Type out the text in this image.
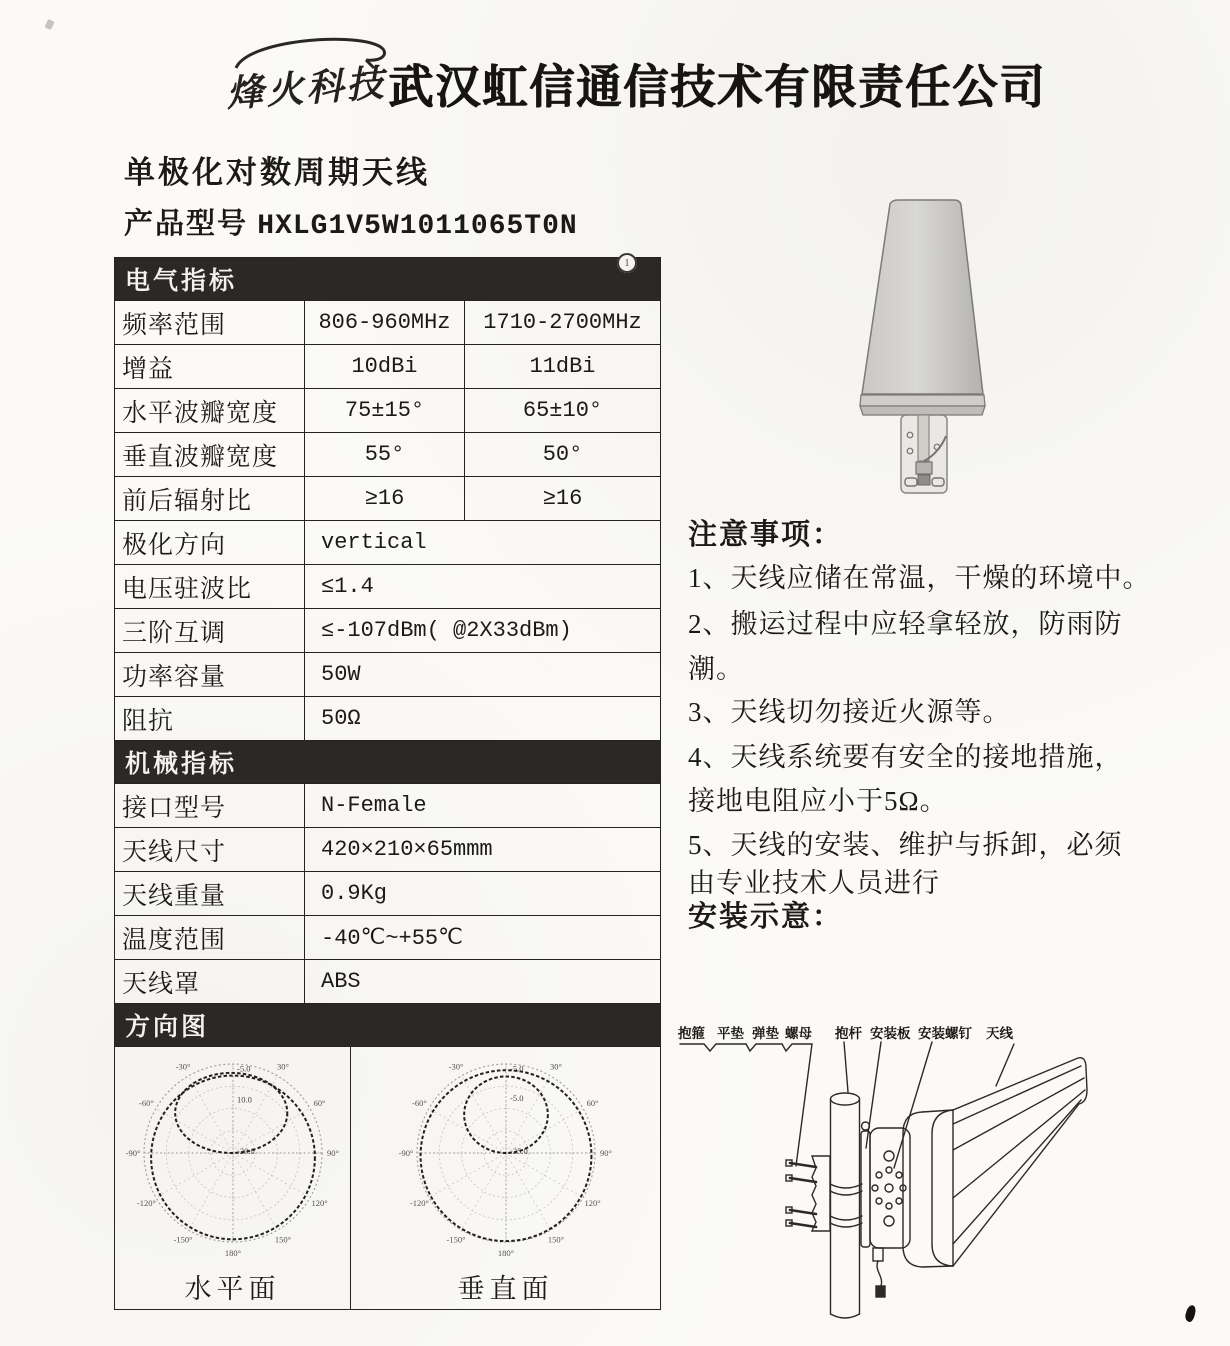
烽火科技 武汉虹信通信技术有限责任公司
单极化对数周期天线
产品型号 HXLG1V5W1011065T0N
电气指标		
频率范围	806-960MHz	1710-2700MHz
增益	10dBi	11dBi
水平波瓣宽度	75±15°	65±10°
垂直波瓣宽度	55°	50°
前后辐射比	≥16	≥16
极化方向	vertical	
电压驻波比	≤1.4	
三阶互调	≤-107dBm( @2X33dBm)	
功率容量	50W	
阻抗	50Ω	
机械指标		
接口型号	N-Female	
天线尺寸	420×210×65mmm	
天线重量	0.9Kg	
温度范围	-40℃~+55℃	
天线罩	ABS	
方向图		

30°
60°
90°
120°
150°
180°
-150°
-120°
-90°
-60°
-30°	-5.0
10.0
-20.0
水平面
30°
60°
90°
120°
150°
180°
-150°
-120°
-90°
-60°
-30°	-5.0
-5.0
-25.0
垂直面
注意事项：
1、天线应储在常温，干燥的环境中。
2、搬运过程中应轻拿轻放，防雨防
潮。
3、天线切勿接近火源等。
4、天线系统要有安全的接地措施，
接地电阻应小于5Ω。
5、天线的安装、维护与拆卸，必须
由专业技术人员进行
安装示意：
抱箍 平垫 弹垫 螺母 抱杆 安装板 安装螺钉 天线
1
